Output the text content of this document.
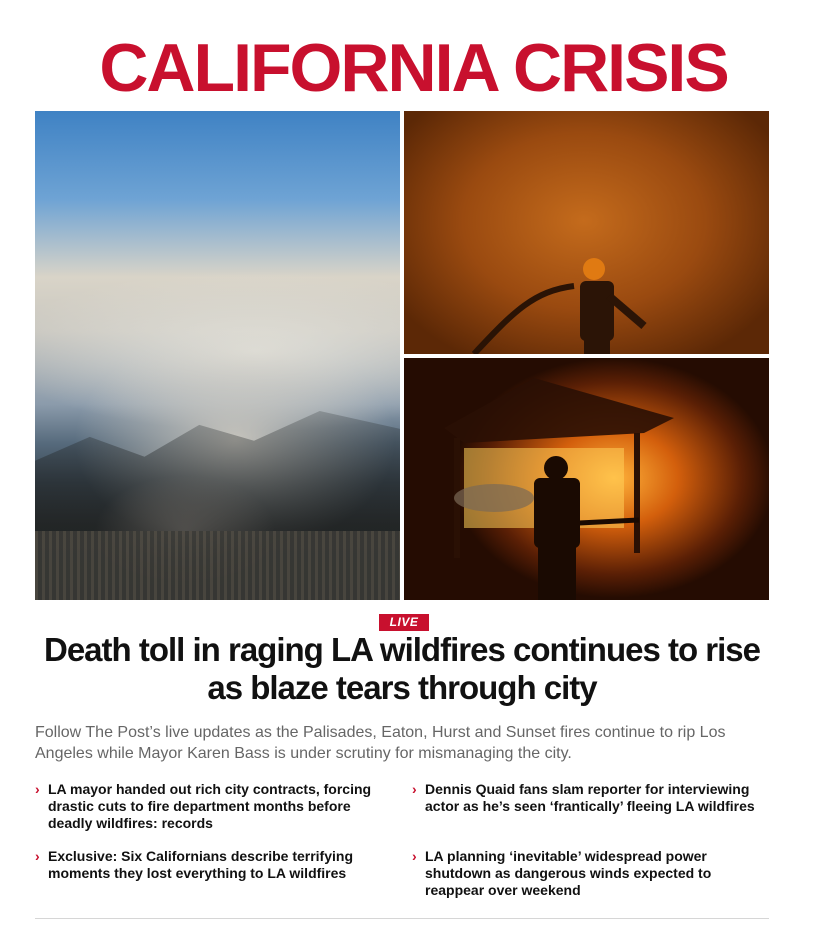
CALIFORNIA CRISIS
LIVE
Death toll in raging LA wildfires continues to rise as blaze tears through city
Follow The Post’s live updates as the Palisades, Eaton, Hurst and Sunset fires continue to rip Los Angeles while Mayor Karen Bass is under scrutiny for mismanaging the city.
› LA mayor handed out rich city contracts, forcing drastic cuts to fire department months before deadly wildfires: records
› Dennis Quaid fans slam reporter for interviewing actor as he’s seen ‘frantically’ fleeing LA wildfires
› Exclusive: Six Californians describe terrifying moments they lost everything to LA wildfires
› LA planning ‘inevitable’ widespread power shutdown as dangerous winds expected to reappear over weekend
